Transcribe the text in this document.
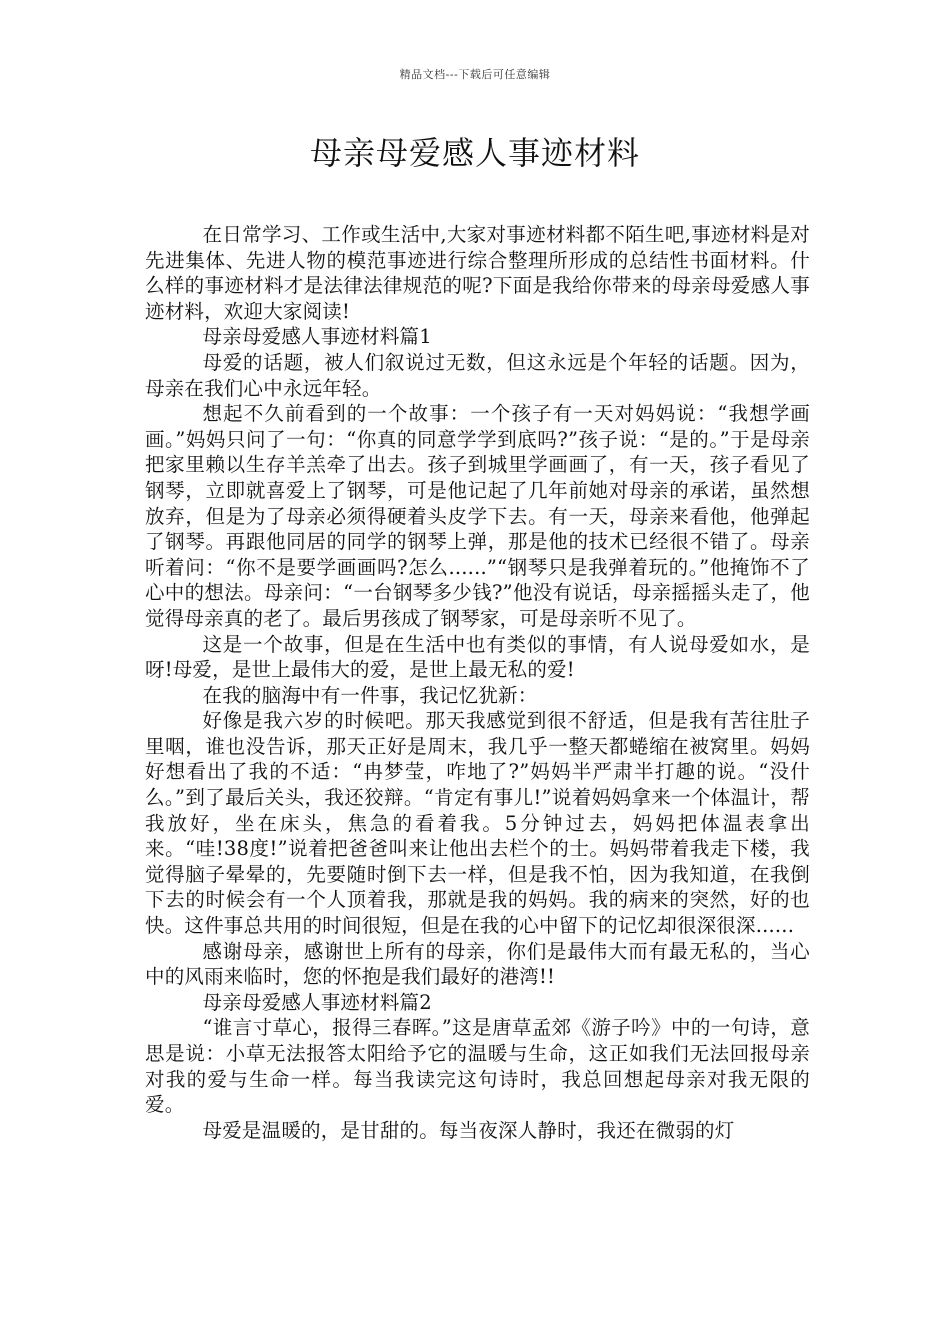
精品文档---下载后可任意编辑
母亲母爱感人事迹材料

在日常学习、工作或生活中,大家对事迹材料都不陌生吧,事迹材料是对先进集体、先进人物的模范事迹进行综合整理所形成的总结性书面材料。什么样的事迹材料才是法律法律规范的呢?下面是我给你带来的母亲母爱感人事迹材料，欢迎大家阅读!

母亲母爱感人事迹材料篇1

母爱的话题，被人们叙说过无数，但这永远是个年轻的话题。因为，母亲在我们心中永远年轻。

想起不久前看到的一个故事：一个孩子有一天对妈妈说：“我想学画画。”妈妈只问了一句：“你真的同意学学到底吗?”孩子说：“是的。”于是母亲把家里赖以生存羊羔牵了出去。孩子到城里学画画了，有一天，孩子看见了钢琴，立即就喜爱上了钢琴，可是他记起了几年前她对母亲的承诺，虽然想放弃，但是为了母亲必须得硬着头皮学下去。有一天，母亲来看他，他弹起了钢琴。再跟他同居的同学的钢琴上弹，那是他的技术已经很不错了。母亲听着问：“你不是要学画画吗?怎么......”“钢琴只是我弹着玩的。”他掩饰不了心中的想法。母亲问：“一台钢琴多少钱?”他没有说话，母亲摇摇头走了，他觉得母亲真的老了。最后男孩成了钢琴家，可是母亲听不见了。

这是一个故事，但是在生活中也有类似的事情，有人说母爱如水，是呀!母爱，是世上最伟大的爱，是世上最无私的爱!

在我的脑海中有一件事，我记忆犹新：

好像是我六岁的时候吧。那天我感觉到很不舒适，但是我有苦往肚子里咽，谁也没告诉，那天正好是周末，我几乎一整天都蜷缩在被窝里。妈妈好想看出了我的不适：“冉梦莹，咋地了?”妈妈半严肃半打趣的说。“没什么。”到了最后关头，我还狡辩。“肯定有事儿!”说着妈妈拿来一个体温计，帮我放好，坐在床头，焦急的看着我。5分钟过去，妈妈把体温表拿出来。“哇!38度!”说着把爸爸叫来让他出去栏个的士。妈妈带着我走下楼，我觉得脑子晕晕的，先要随时倒下去一样，但是我不怕，因为我知道，在我倒下去的时候会有一个人顶着我，那就是我的妈妈。我的病来的突然，好的也快。这件事总共用的时间很短，但是在我的心中留下的记忆却很深很深......

感谢母亲，感谢世上所有的母亲，你们是最伟大而有最无私的，当心中的风雨来临时，您的怀抱是我们最好的港湾!!

母亲母爱感人事迹材料篇2

“谁言寸草心，报得三春晖。”这是唐草孟郊《游子吟》中的一句诗，意思是说：小草无法报答太阳给予它的温暖与生命，这正如我们无法回报母亲对我的爱与生命一样。每当我读完这句诗时，我总回想起母亲对我无限的爱。

母爱是温暖的，是甘甜的。每当夜深人静时，我还在微弱的灯
